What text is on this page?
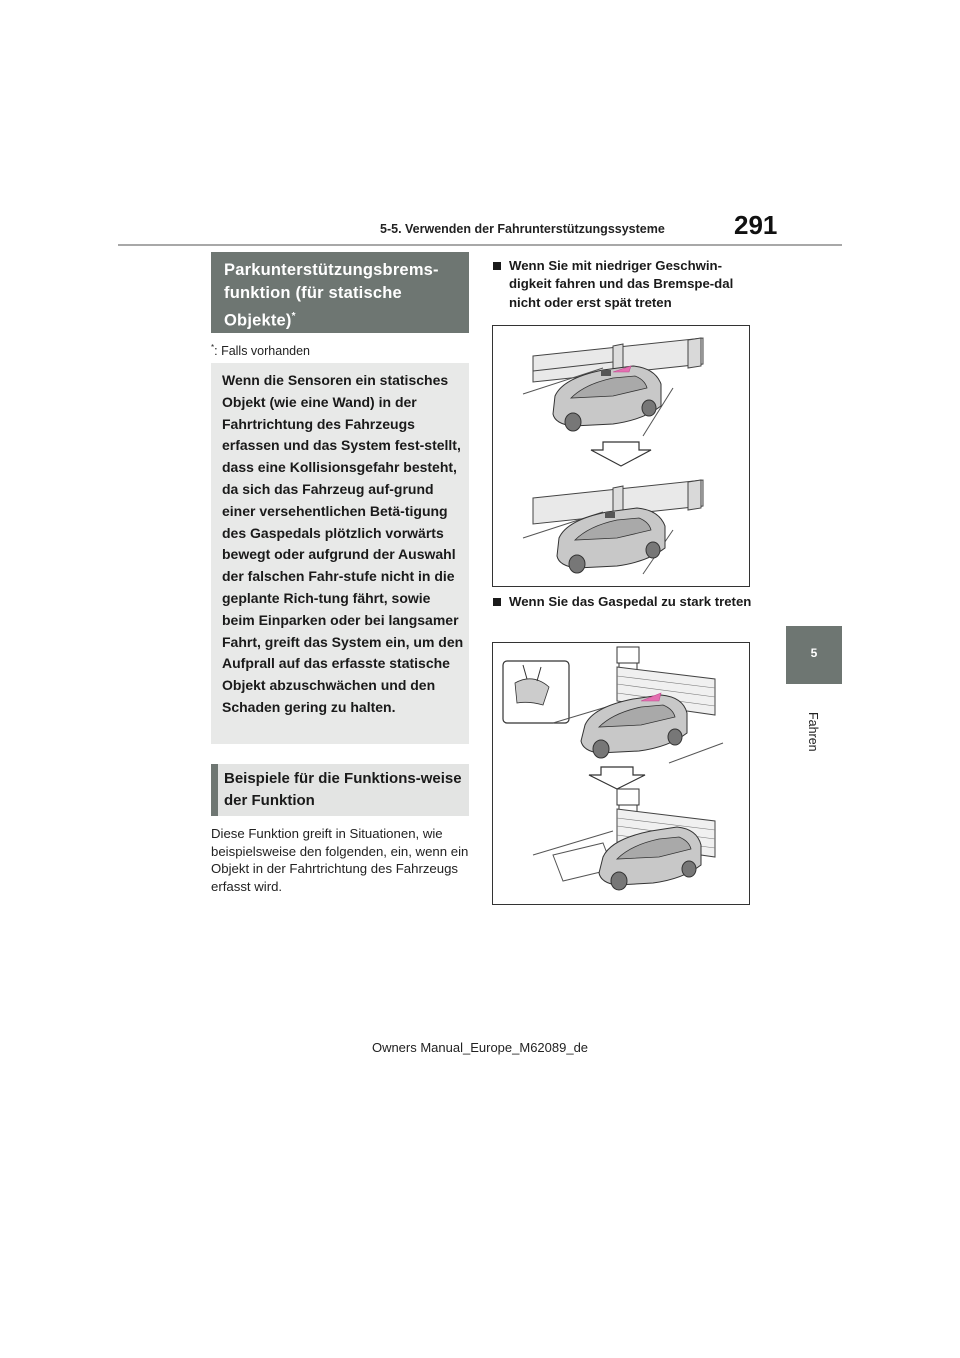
5-5. Verwenden der Fahrunterstützungssysteme	291
5
Fahren
Parkunterstützungsbrems-
funktion (für statische
Objekte)*
*: Falls vorhanden
Wenn die Sensoren ein statisches Objekt (wie eine Wand) in der Fahrtrichtung des Fahrzeugs erfassen und das System fest-stellt, dass eine Kollisionsgefahr besteht, da sich das Fahrzeug auf-grund einer versehentlichen Betä-tigung des Gaspedals plötzlich vorwärts bewegt oder aufgrund der Auswahl der falschen Fahr-stufe nicht in die geplante Rich-tung fährt, sowie beim Einparken oder bei langsamer Fahrt, greift das System ein, um den Aufprall auf das erfasste statische Objekt abzuschwächen und den Schaden gering zu halten.
Beispiele für die Funktions-weise der Funktion
Diese Funktion greift in Situationen, wie beispielsweise den folgenden, ein, wenn ein Objekt in der Fahrtrichtung des Fahrzeugs erfasst wird.
Wenn Sie mit niedriger Geschwin-digkeit fahren und das Bremspe-dal nicht oder erst spät treten
Wenn Sie das Gaspedal zu stark treten
Owners Manual_Europe_M62089_de
